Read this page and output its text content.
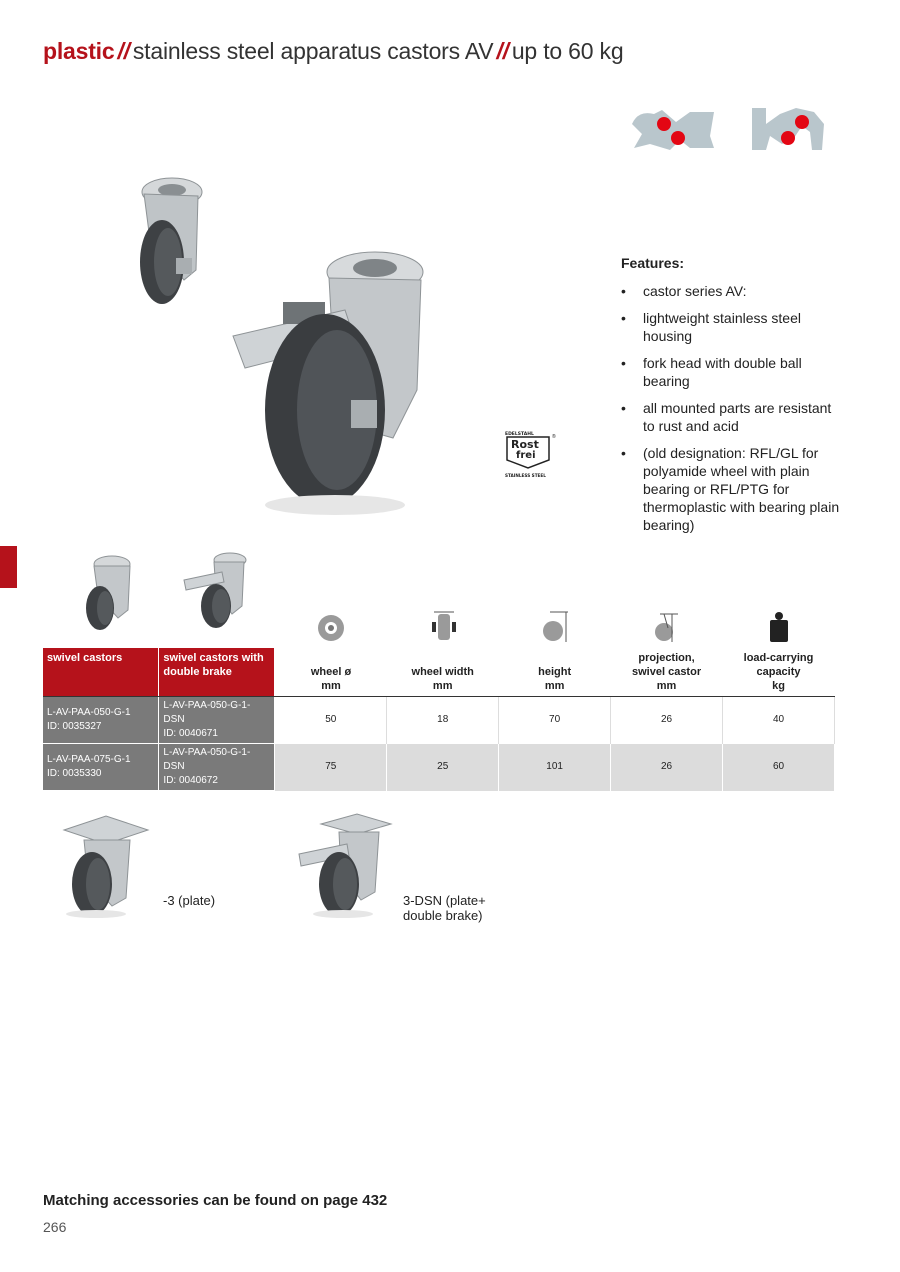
plastic // stainless steel apparatus castors AV // up to 60 kg
EDELSTAHL	®
Rost
frei
STAINLESS STEEL
Features:
• castor series AV:
• lightweight stainless steel housing
• fork head with double ball bearing
• all mounted parts are resistant to rust and acid
• (old designation: RFL/GL for polyamide wheel with plain bearing or RFL/PTG for thermoplastic with bearing plain bearing)
swivel castors	swivel castors with double brake	wheel ø
mm	wheel width
mm	height
mm	projection,
swivel castor
mm	load-carrying
capacity
kg
L-AV-PAA-050-G-1
ID: 0035327	L-AV-PAA-050-G-1-DSN
ID: 0040671	50	18	70	26	40
L-AV-PAA-075-G-1
ID: 0035330	L-AV-PAA-050-G-1-DSN
ID: 0040672	75	25	101	26	60
-3 (plate)	3-DSN (plate+
double brake)
Matching accessories can be found on page 432
266
